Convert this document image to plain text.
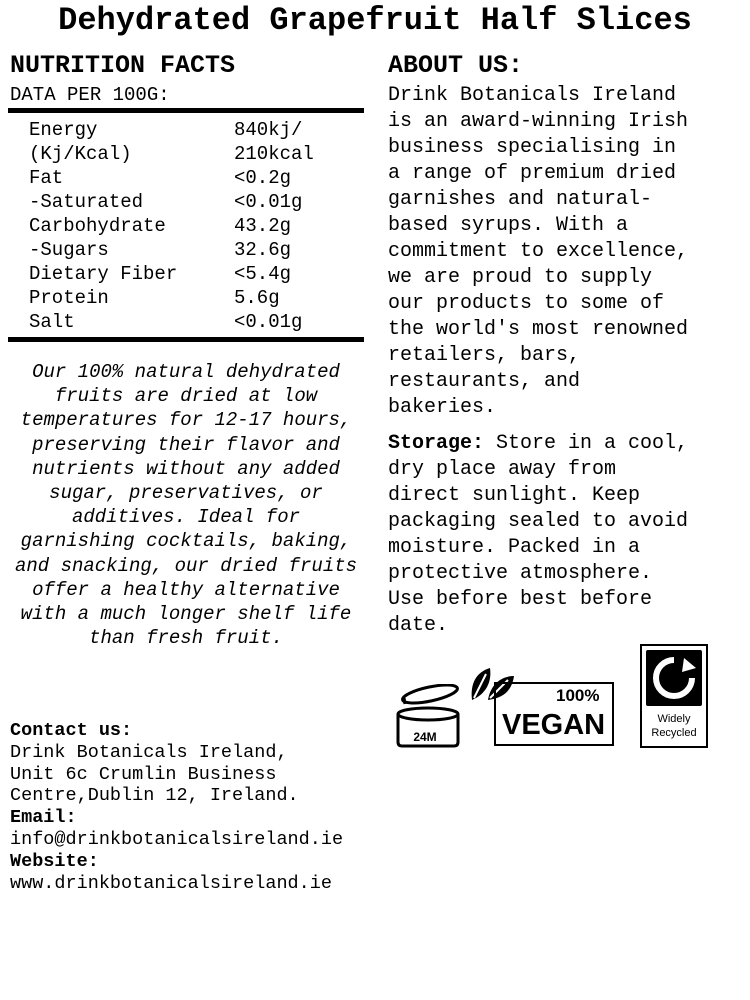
Dehydrated Grapefruit Half Slices
NUTRITION FACTS
DATA PER 100G:
Energy	840kj/
(Kj/Kcal)	210kcal
Fat	<0.2g
-Saturated	<0.01g
Carbohydrate	43.2g
-Sugars	32.6g
Dietary Fiber	<5.4g
Protein	5.6g
Salt	<0.01g
Our 100% natural dehydrated fruits are dried at low temperatures for 12-17 hours, preserving their flavor and nutrients without any added sugar, preservatives, or additives. Ideal for garnishing cocktails, baking, and snacking, our dried fruits offer a healthy alternative with a much longer shelf life than fresh fruit.
Contact us:
Drink Botanicals Ireland,
Unit 6c Crumlin Business
Centre,Dublin 12, Ireland.
Email:
info@drinkbotanicalsireland.ie
Website:
www.drinkbotanicalsireland.ie
ABOUT US:
Drink Botanicals Ireland
is an award-winning Irish
business specialising in
a range of premium dried
garnishes and natural-
based syrups. With a
commitment to excellence,
we are proud to supply
our products to some of
the world's most renowned
retailers, bars,
restaurants, and
bakeries.
Storage: Store in a cool,
dry place away from
direct sunlight. Keep
packaging sealed to avoid
moisture. Packed in a
protective atmosphere.
Use before best before
date.
24M
100%
VEGAN	Widely
Recycled
